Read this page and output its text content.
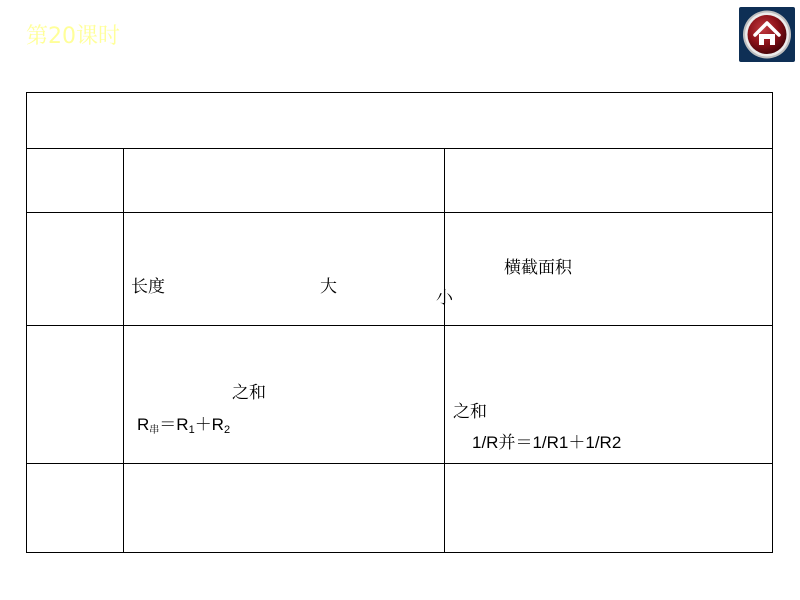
第20课时
长度	大
横截面积
小
之和
$R_串=R_1+R_2$
之和
1/R并＝1/R1＋1/R2
